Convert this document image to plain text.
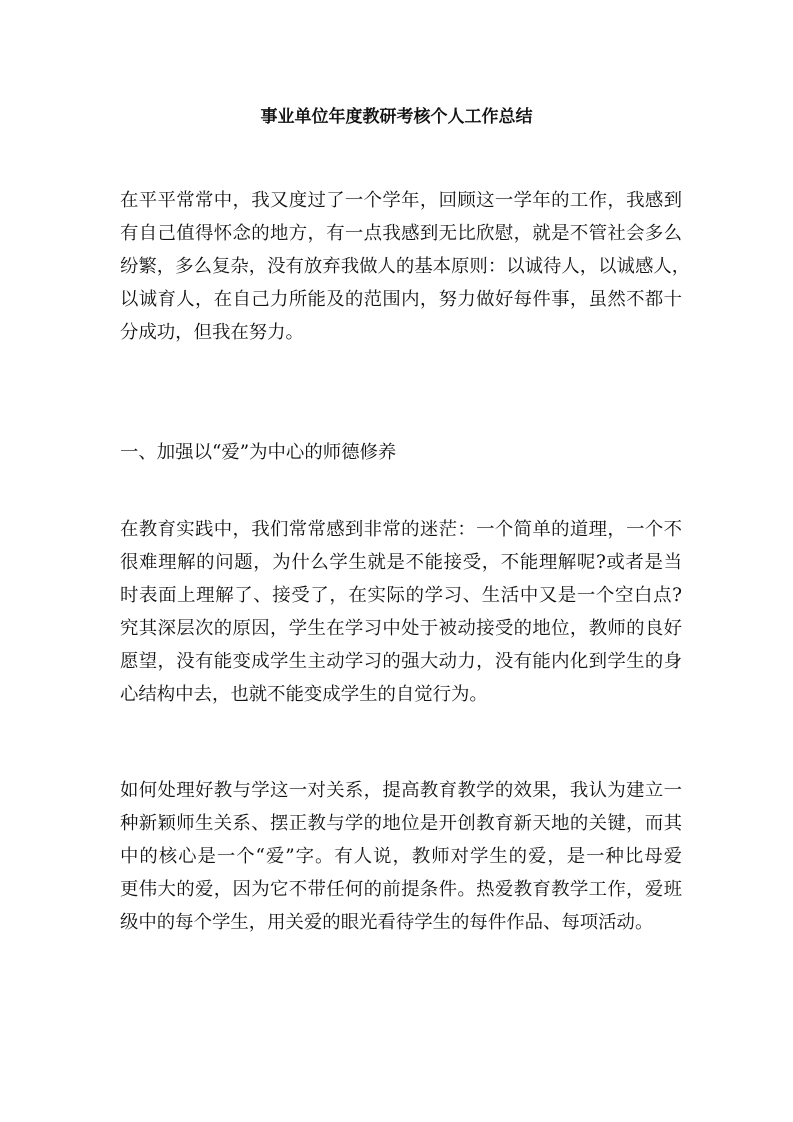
事业单位年度教研考核个人工作总结
在平平常常中，我又度过了一个学年，回顾这一学年的工作，我感到
有自己值得怀念的地方，有一点我感到无比欣慰，就是不管社会多么
纷繁，多么复杂，没有放弃我做人的基本原则：以诚待人，以诚感人，
以诚育人，在自己力所能及的范围内，努力做好每件事，虽然不都十
分成功，但我在努力。
一、加强以“爱”为中心的师德修养
在教育实践中，我们常常感到非常的迷茫：一个简单的道理，一个不
很难理解的问题，为什么学生就是不能接受，不能理解呢?或者是当
时表面上理解了、接受了，在实际的学习、生活中又是一个空白点?
究其深层次的原因，学生在学习中处于被动接受的地位，教师的良好
愿望，没有能变成学生主动学习的强大动力，没有能内化到学生的身
心结构中去，也就不能变成学生的自觉行为。
如何处理好教与学这一对关系，提高教育教学的效果，我认为建立一
种新颖师生关系、摆正教与学的地位是开创教育新天地的关键，而其
中的核心是一个“爱”字。有人说，教师对学生的爱，是一种比母爱
更伟大的爱，因为它不带任何的前提条件。热爱教育教学工作，爱班
级中的每个学生，用关爱的眼光看待学生的每件作品、每项活动。
